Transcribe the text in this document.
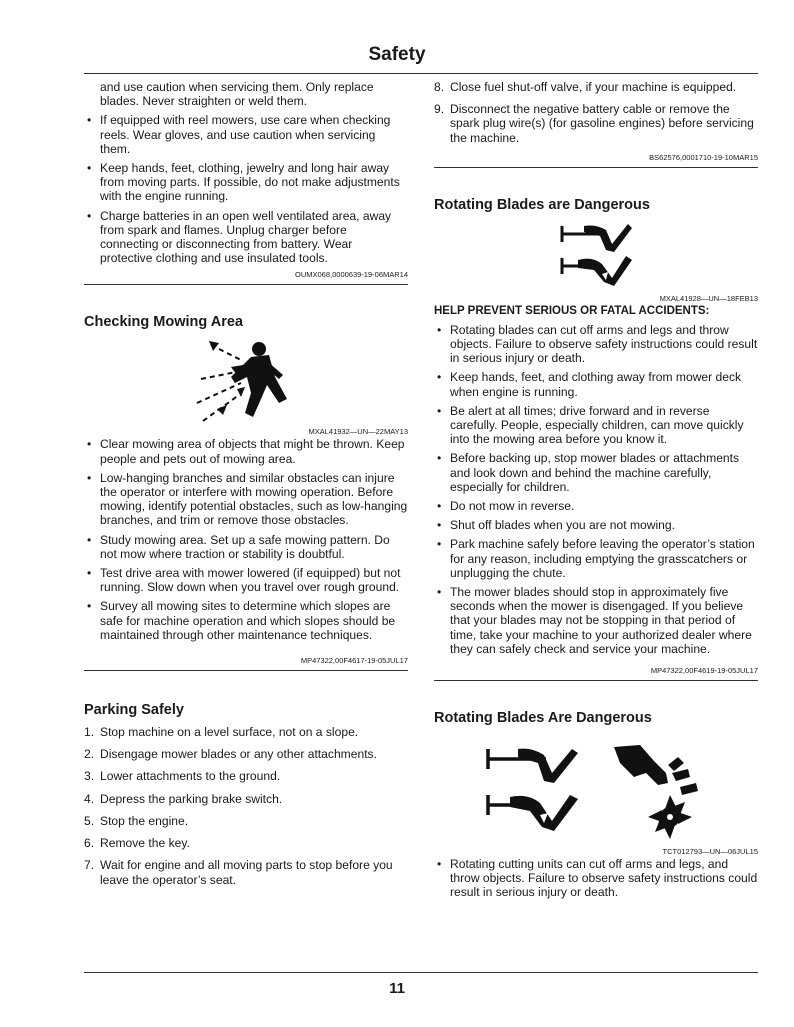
Safety
and use caution when servicing them. Only replace blades. Never straighten or weld them.
• If equipped with reel mowers, use care when checking reels. Wear gloves, and use caution when servicing them.
• Keep hands, feet, clothing, jewelry and long hair away from moving parts. If possible, do not make adjustments with the engine running.
• Charge batteries in an open well ventilated area, away from spark and flames. Unplug charger before connecting or disconnecting from battery. Wear protective clothing and use insulated tools.
OUMX068,0000639-19-06MAR14
Checking Mowing Area
MXAL41932—UN—22MAY13
• Clear mowing area of objects that might be thrown. Keep people and pets out of mowing area.
• Low-hanging branches and similar obstacles can injure the operator or interfere with mowing operation. Before mowing, identify potential obstacles, such as low-hanging branches, and trim or remove those obstacles.
• Study mowing area. Set up a safe mowing pattern. Do not mow where traction or stability is doubtful.
• Test drive area with mower lowered (if equipped) but not running. Slow down when you travel over rough ground.
• Survey all mowing sites to determine which slopes are safe for machine operation and which slopes should be maintained through other maintenance techniques.
MP47322,00F4617-19-05JUL17
Parking Safely
1. Stop machine on a level surface, not on a slope.
2. Disengage mower blades or any other attachments.
3. Lower attachments to the ground.
4. Depress the parking brake switch.
5. Stop the engine.
6. Remove the key.
7. Wait for engine and all moving parts to stop before you leave the operator’s seat.
8. Close fuel shut-off valve, if your machine is equipped.
9. Disconnect the negative battery cable or remove the spark plug wire(s) (for gasoline engines) before servicing the machine.
BS62576,0001710-19-10MAR15
Rotating Blades are Dangerous
MXAL41928—UN—18FEB13
HELP PREVENT SERIOUS OR FATAL ACCIDENTS:
• Rotating blades can cut off arms and legs and throw objects. Failure to observe safety instructions could result in serious injury or death.
• Keep hands, feet, and clothing away from mower deck when engine is running.
• Be alert at all times; drive forward and in reverse carefully. People, especially children, can move quickly into the mowing area before you know it.
• Before backing up, stop mower blades or attachments and look down and behind the machine carefully, especially for children.
• Do not mow in reverse.
• Shut off blades when you are not mowing.
• Park machine safely before leaving the operator’s station for any reason, including emptying the grasscatchers or unplugging the chute.
• The mower blades should stop in approximately five seconds when the mower is disengaged. If you believe that your blades may not be stopping in that period of time, take your machine to your authorized dealer where they can safely check and service your machine.
MP47322,00F4619-19-05JUL17
Rotating Blades Are Dangerous
TCT012793—UN—06JUL15
• Rotating cutting units can cut off arms and legs, and throw objects. Failure to observe safety instructions could result in serious injury or death.
11
